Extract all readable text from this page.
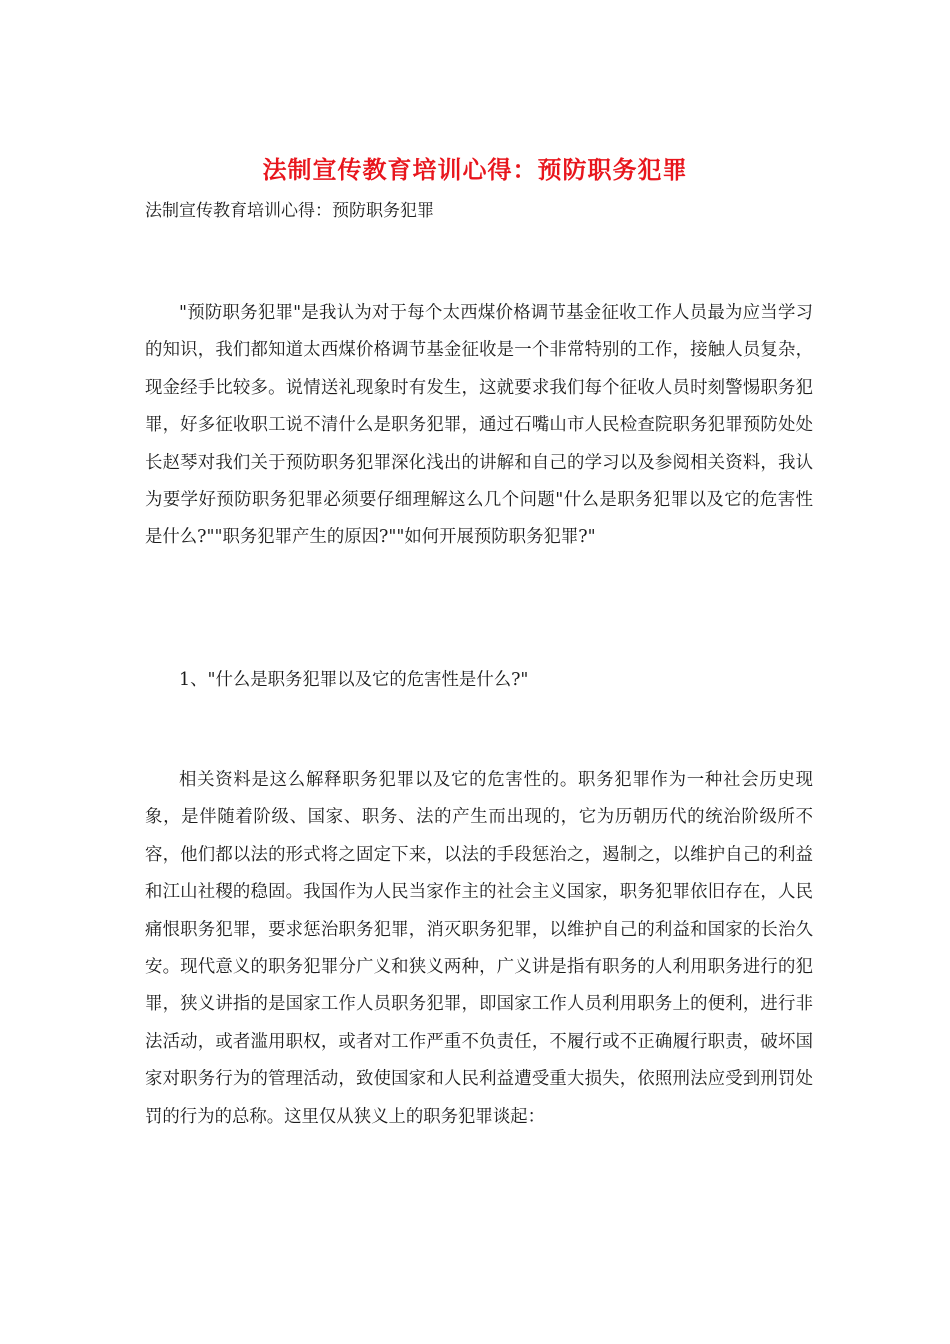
法制宣传教育培训心得：预防职务犯罪
法制宣传教育培训心得：预防职务犯罪

"预防职务犯罪"是我认为对于每个太西煤价格调节基金征收工作人员最为应当学习的知识，我们都知道太西煤价格调节基金征收是一个非常特别的工作，接触人员复杂，现金经手比较多。说情送礼现象时有发生，这就要求我们每个征收人员时刻警惕职务犯罪，好多征收职工说不清什么是职务犯罪，通过石嘴山市人民检查院职务犯罪预防处处长赵琴对我们关于预防职务犯罪深化浅出的讲解和自己的学习以及参阅相关资料，我认为要学好预防职务犯罪必须要仔细理解这么几个问题"什么是职务犯罪以及它的危害性是什么?""职务犯罪产生的原因?""如何开展预防职务犯罪?"

1、"什么是职务犯罪以及它的危害性是什么?"

相关资料是这么解释职务犯罪以及它的危害性的。职务犯罪作为一种社会历史现象，是伴随着阶级、国家、职务、法的产生而出现的，它为历朝历代的统治阶级所不容，他们都以法的形式将之固定下来，以法的手段惩治之，遏制之，以维护自己的利益和江山社稷的稳固。我国作为人民当家作主的社会主义国家，职务犯罪依旧存在，人民痛恨职务犯罪，要求惩治职务犯罪，消灭职务犯罪，以维护自己的利益和国家的长治久安。现代意义的职务犯罪分广义和狭义两种，广义讲是指有职务的人利用职务进行的犯罪，狭义讲指的是国家工作人员职务犯罪，即国家工作人员利用职务上的便利，进行非法活动，或者滥用职权，或者对工作严重不负责任，不履行或不正确履行职责，破坏国家对职务行为的管理活动，致使国家和人民利益遭受重大损失，依照刑法应受到刑罚处罚的行为的总称。这里仅从狭义上的职务犯罪谈起：
